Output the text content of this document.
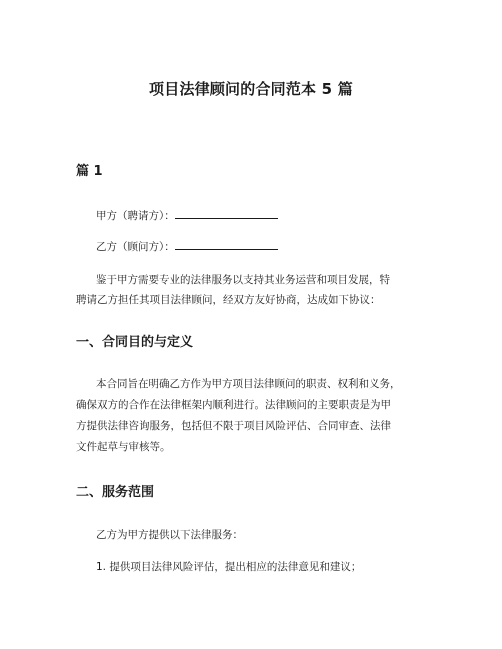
项目法律顾问的合同范本 5 篇
篇 1
甲方（聘请方）：
乙方（顾问方）：
鉴于甲方需要专业的法律服务以支持其业务运营和项目发展，特
聘请乙方担任其项目法律顾问，经双方友好协商，达成如下协议：
一、合同目的与定义
本合同旨在明确乙方作为甲方项目法律顾问的职责、权利和义务，
确保双方的合作在法律框架内顺利进行。法律顾问的主要职责是为甲
方提供法律咨询服务，包括但不限于项目风险评估、合同审查、法律
文件起草与审核等。
二、服务范围
乙方为甲方提供以下法律服务：
1. 提供项目法律风险评估，提出相应的法律意见和建议；
